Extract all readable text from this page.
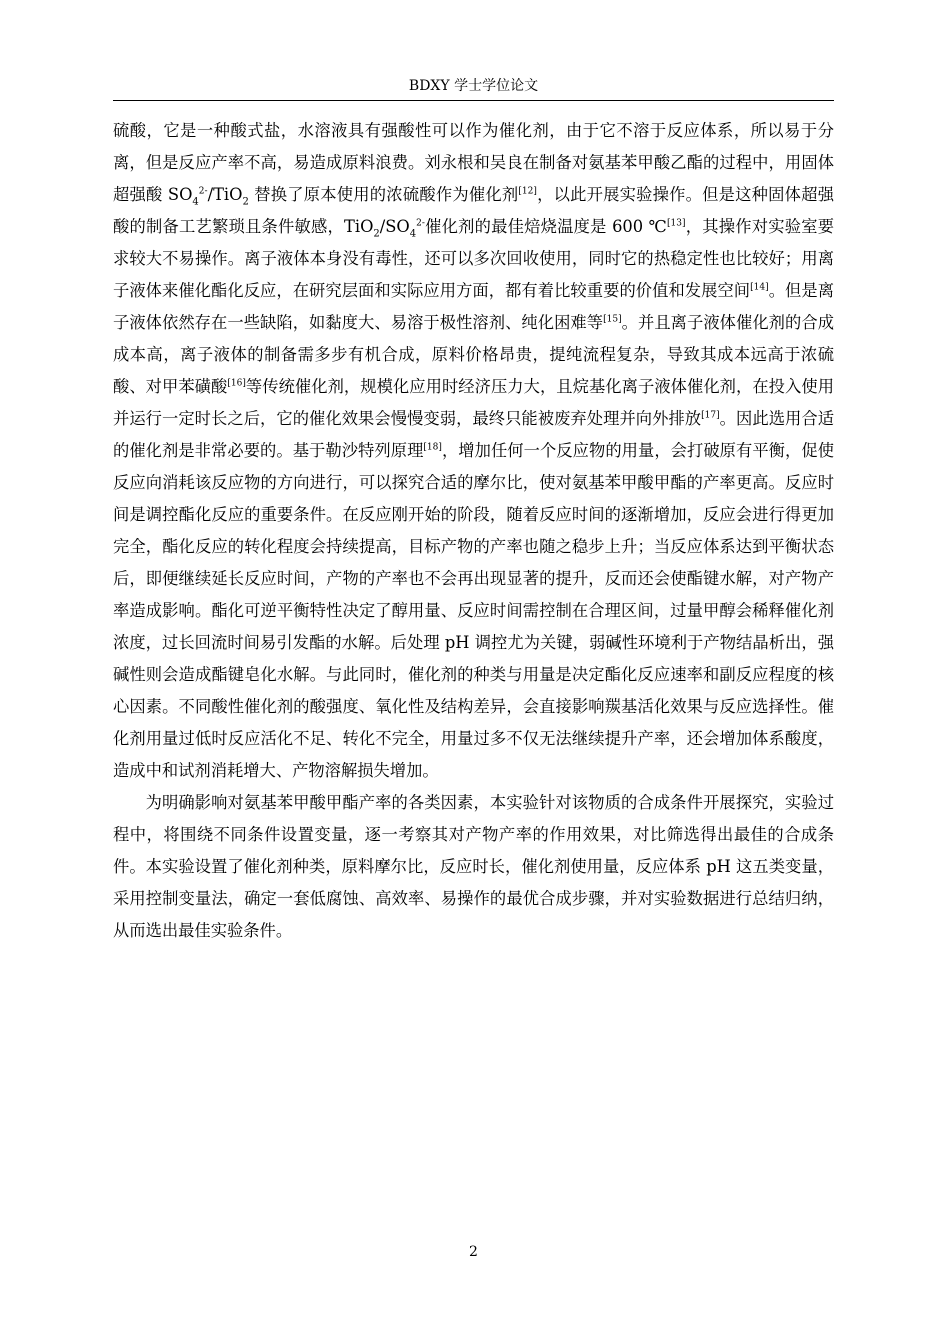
BDXY 学士学位论文

硫酸，它是一种酸式盐，水溶液具有强酸性可以作为催化剂，由于它不溶于反应体系，所以易于分离，但是反应产率不高，易造成原料浪费。刘永根和吴良在制备对氨基苯甲酸乙酯的过程中，用固体超强酸 $SO_4^{2-}/TiO_2$ 替换了原本使用的浓硫酸作为催化剂[12]，以此开展实验操作。但是这种固体超强酸的制备工艺繁琐且条件敏感，$TiO_2/SO_4^{2-}$催化剂的最佳焙烧温度是 600 ℃[13]，其操作对实验室要求较大不易操作。离子液体本身没有毒性，还可以多次回收使用，同时它的热稳定性也比较好；用离子液体来催化酯化反应，在研究层面和实际应用方面，都有着比较重要的价值和发展空间[14]。但是离子液体依然存在一些缺陷，如黏度大、易溶于极性溶剂、纯化困难等[15]。并且离子液体催化剂的合成成本高，离子液体的制备需多步有机合成，原料价格昂贵，提纯流程复杂，导致其成本远高于浓硫酸、对甲苯磺酸[16]等传统催化剂，规模化应用时经济压力大，且烷基化离子液体催化剂，在投入使用并运行一定时长之后，它的催化效果会慢慢变弱，最终只能被废弃处理并向外排放[17]。因此选用合适的催化剂是非常必要的。基于勒沙特列原理[18]，增加任何一个反应物的用量，会打破原有平衡，促使反应向消耗该反应物的方向进行，可以探究合适的摩尔比，使对氨基苯甲酸甲酯的产率更高。反应时间是调控酯化反应的重要条件。在反应刚开始的阶段，随着反应时间的逐渐增加，反应会进行得更加完全，酯化反应的转化程度会持续提高，目标产物的产率也随之稳步上升；当反应体系达到平衡状态后，即便继续延长反应时间，产物的产率也不会再出现显著的提升，反而还会使酯键水解，对产物产率造成影响。酯化可逆平衡特性决定了醇用量、反应时间需控制在合理区间，过量甲醇会稀释催化剂浓度，过长回流时间易引发酯的水解。后处理 pH 调控尤为关键，弱碱性环境利于产物结晶析出，强碱性则会造成酯键皂化水解。与此同时，催化剂的种类与用量是决定酯化反应速率和副反应程度的核心因素。不同酸性催化剂的酸强度、氧化性及结构差异，会直接影响羰基活化效果与反应选择性。催化剂用量过低时反应活化不足、转化不完全，用量过多不仅无法继续提升产率，还会增加体系酸度，造成中和试剂消耗增大、产物溶解损失增加。

为明确影响对氨基苯甲酸甲酯产率的各类因素，本实验针对该物质的合成条件开展探究，实验过程中，将围绕不同条件设置变量，逐一考察其对产物产率的作用效果，对比筛选得出最佳的合成条件。本实验设置了催化剂种类，原料摩尔比，反应时长，催化剂使用量，反应体系 pH 这五类变量，采用控制变量法，确定一套低腐蚀、高效率、易操作的最优合成步骤，并对实验数据进行总结归纳，从而选出最佳实验条件。

2
